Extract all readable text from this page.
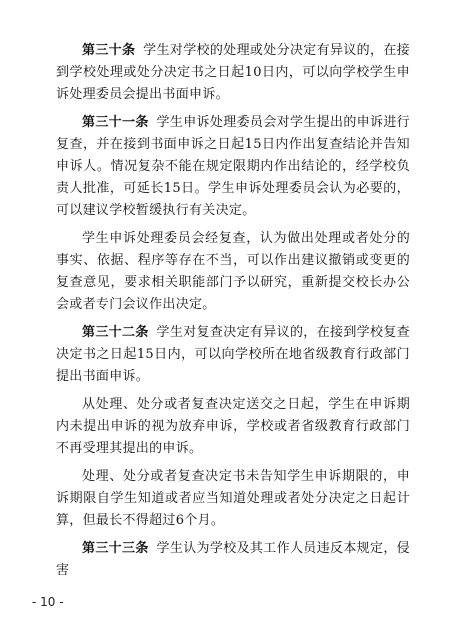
第三十条 学生对学校的处理或处分决定有异议的，在接到学校处理或处分决定书之日起10日内，可以向学校学生申诉处理委员会提出书面申诉。

第三十一条 学生申诉处理委员会对学生提出的申诉进行复查，并在接到书面申诉之日起15日内作出复查结论并告知申诉人。情况复杂不能在规定限期内作出结论的，经学校负责人批准，可延长15日。学生申诉处理委员会认为必要的，可以建议学校暂缓执行有关决定。

学生申诉处理委员会经复查，认为做出处理或者处分的事实、依据、程序等存在不当，可以作出建议撤销或变更的复查意见，要求相关职能部门予以研究，重新提交校长办公会或者专门会议作出决定。

第三十二条 学生对复查决定有异议的，在接到学校复查决定书之日起15日内，可以向学校所在地省级教育行政部门提出书面申诉。

从处理、处分或者复查决定送交之日起，学生在申诉期内未提出申诉的视为放弃申诉，学校或者省级教育行政部门不再受理其提出的申诉。

处理、处分或者复查决定书未告知学生申诉期限的，申诉期限自学生知道或者应当知道处理或者处分决定之日起计算，但最长不得超过6个月。

第三十三条 学生认为学校及其工作人员违反本规定，侵害

- 10 -
